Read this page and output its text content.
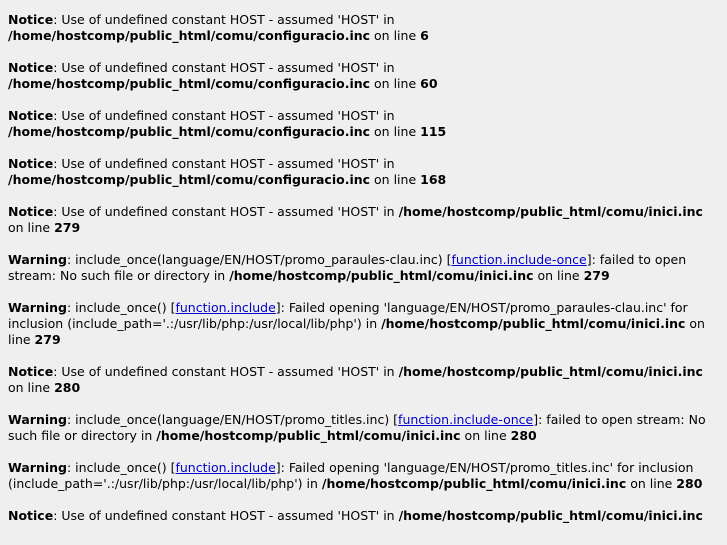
Notice: Use of undefined constant HOST - assumed 'HOST' in
/home/hostcomp/public_html/comu/configuracio.inc on line 6

Notice: Use of undefined constant HOST - assumed 'HOST' in
/home/hostcomp/public_html/comu/configuracio.inc on line 60

Notice: Use of undefined constant HOST - assumed 'HOST' in
/home/hostcomp/public_html/comu/configuracio.inc on line 115

Notice: Use of undefined constant HOST - assumed 'HOST' in
/home/hostcomp/public_html/comu/configuracio.inc on line 168

Notice: Use of undefined constant HOST - assumed 'HOST' in /home/hostcomp/public_html/comu/inici.inc on line 279

Warning: include_once(language/EN/HOST/promo_paraules-clau.inc) [function.include-once]: failed to open stream: No such file or directory in /home/hostcomp/public_html/comu/inici.inc on line 279

Warning: include_once() [function.include]: Failed opening 'language/EN/HOST/promo_paraules-clau.inc' for inclusion (include_path='.:/usr/lib/php:/usr/local/lib/php') in /home/hostcomp/public_html/comu/inici.inc on line 279

Notice: Use of undefined constant HOST - assumed 'HOST' in /home/hostcomp/public_html/comu/inici.inc on line 280

Warning: include_once(language/EN/HOST/promo_titles.inc) [function.include-once]: failed to open stream: No such file or directory in /home/hostcomp/public_html/comu/inici.inc on line 280

Warning: include_once() [function.include]: Failed opening 'language/EN/HOST/promo_titles.inc' for inclusion (include_path='.:/usr/lib/php:/usr/local/lib/php') in /home/hostcomp/public_html/comu/inici.inc on line 280

Notice: Use of undefined constant HOST - assumed 'HOST' in /home/hostcomp/public_html/comu/inici.inc
